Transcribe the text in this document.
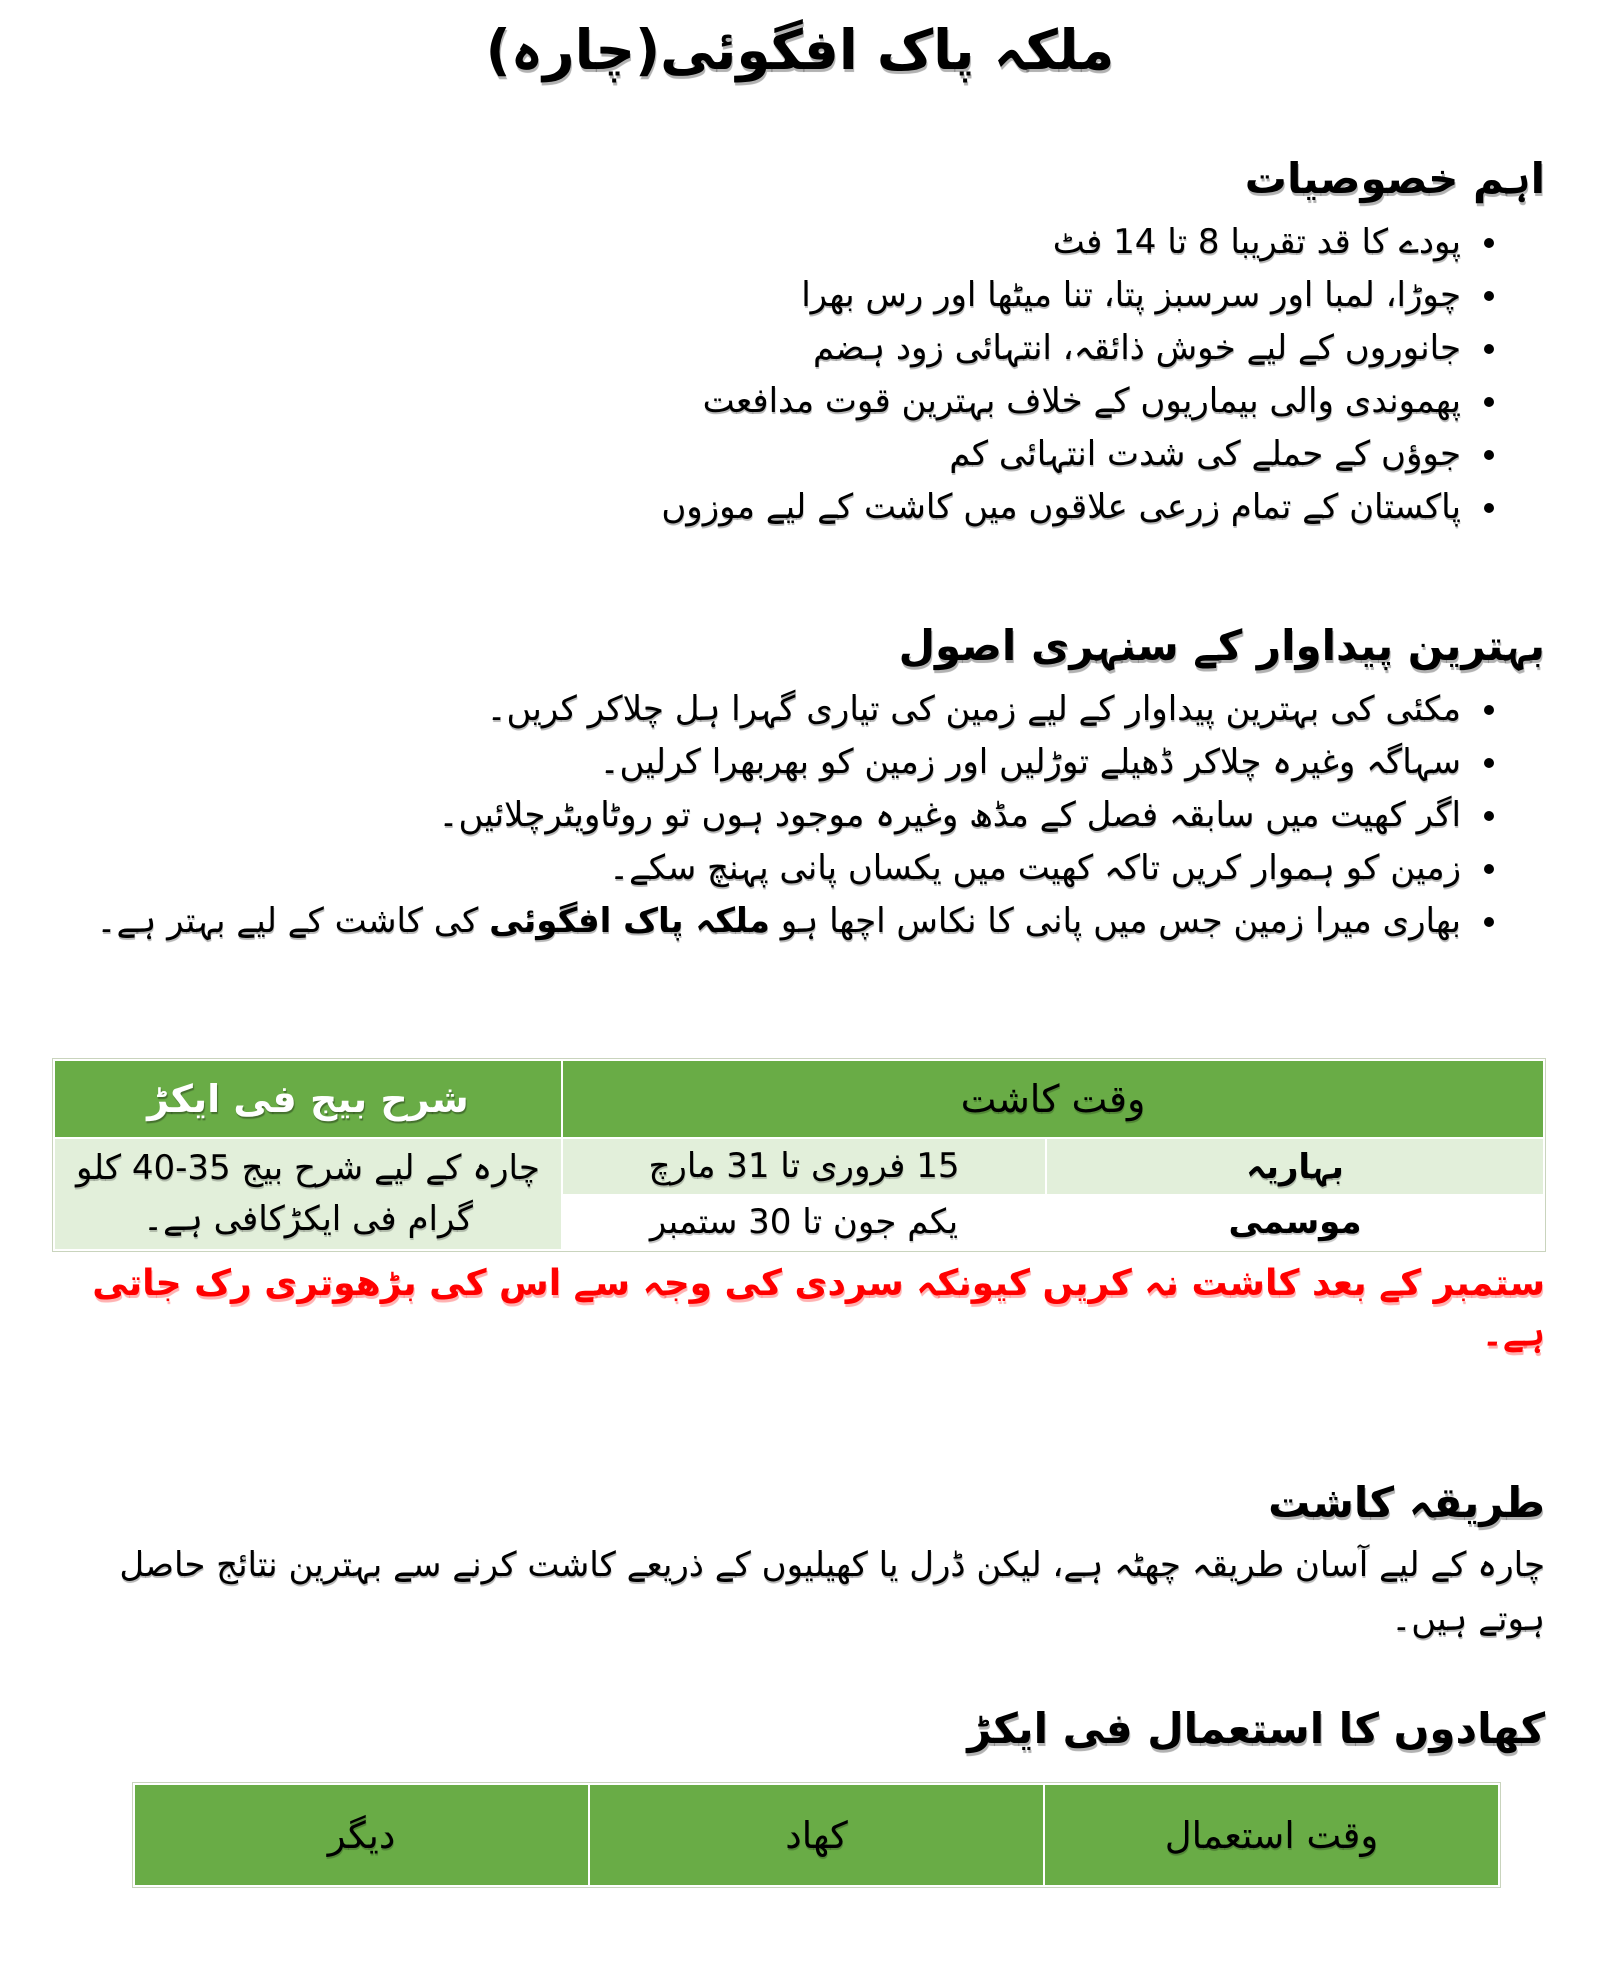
ملکہ پاک افگوئی(چارہ)
اہم خصوصیات
• پودے کا قد تقریبا 8 تا 14 فٹ
• چوڑا، لمبا اور سرسبز پتا، تنا میٹھا اور رس بھرا
• جانوروں کے لیے خوش ذائقہ، انتہائی زود ہضم
• پھموندی والی بیماریوں کے خلاف بہترین قوت مدافعت
• جوؤں کے حملے کی شدت انتہائی کم
• پاکستان کے تمام زرعی علاقوں میں کاشت کے لیے موزوں
بہترین پیداوار کے سنہری اصول
• مکئی کی بہترین پیداوار کے لیے زمین کی تیاری گہرا ہل چلاکر کریں۔
• سہاگہ وغیرہ چلاکر ڈھیلے توڑلیں اور زمین کو بھربھرا کرلیں۔
• اگر کھیت میں سابقہ فصل کے مڈھ وغیرہ موجود ہوں تو روٹاویٹرچلائیں۔
• زمین کو ہموار کریں تاکہ کھیت میں یکساں پانی پہنچ سکے۔
• بھاری میرا زمین جس میں پانی کا نکاس اچھا ہو ملکہ پاک افگوئی کی کاشت کے لیے بہتر ہے۔
وقت کاشت		شرح بیج فی ایکڑ
بہاریہ	15 فروری تا 31 مارچ	چارہ کے لیے شرح بیج 35-40 کلو گرام فی ایکڑکافی ہے۔
موسمی	یکم جون تا 30 ستمبر	

ستمبر کے بعد کاشت نہ کریں کیونکہ سردی کی وجہ سے اس کی بڑھوتری رک جاتی ہے۔

طریقہ کاشت

چارہ کے لیے آسان طریقہ چھٹہ ہے، لیکن ڈرل یا کھیلیوں کے ذریعے کاشت کرنے سے بہترین نتائج حاصل ہوتے ہیں۔

کھادوں کا استعمال فی ایکڑ
وقت استعمال	کھاد	دیگر
